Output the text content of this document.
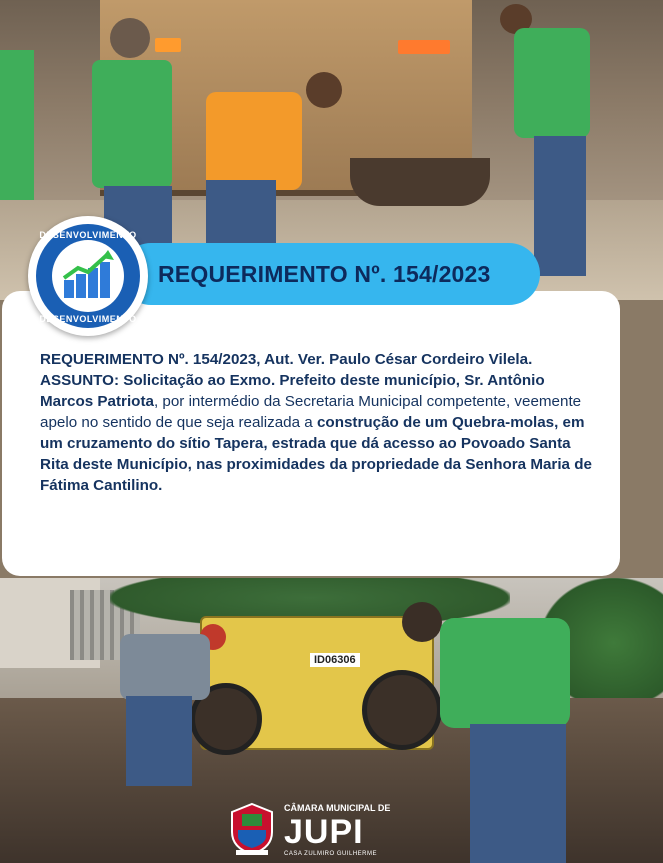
ID06306
REQUERIMENTO Nº. 154/2023, Aut. Ver. Paulo César Cordeiro Vilela.
ASSUNTO: Solicitação ao Exmo. Prefeito deste município, Sr. Antônio Marcos Patriota, por intermédio da Secretaria Municipal competente, veemente apelo no sentido de que seja realizada a construção de um Quebra-molas, em um cruzamento do sítio Tapera, estrada que dá acesso ao Povoado Santa Rita deste Município, nas proximidades da propriedade da Senhora Maria de Fátima Cantilino.
REQUERIMENTO Nº. 154/2023
DESENVOLVIMENTO
DESENVOLVIMENTO
CÂMARA MUNICIPAL DE
JUPI
CASA ZULMIRO GUILHERME
